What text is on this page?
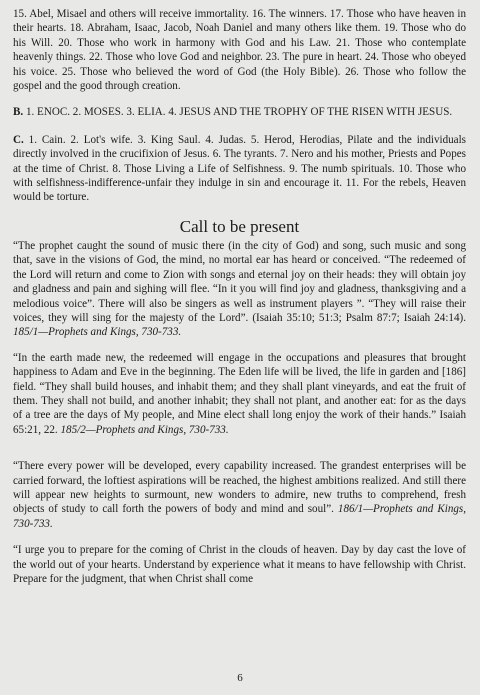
15. Abel, Misael and others will receive immortality. 16. The winners. 17. Those who have heaven in their hearts. 18. Abraham, Isaac, Jacob, Noah Daniel and many others like them. 19. Those who do his Will. 20. Those who work in harmony with God and his Law. 21. Those who contemplate heavenly things. 22. Those who love God and neighbor. 23. The pure in heart. 24. Those who obeyed his voice. 25. Those who believed the word of God (the Holy Bible). 26. Those who follow the gospel and the good through creation.

B. 1. ENOC. 2. MOSES. 3. ELIA. 4. JESUS AND THE TROPHY OF THE RISEN WITH JESUS.

C. 1. Cain. 2. Lot's wife. 3. King Saul. 4. Judas. 5. Herod, Herodias, Pilate and the individuals directly involved in the crucifixion of Jesus. 6. The tyrants. 7. Nero and his mother, Priests and Popes at the time of Christ. 8. Those Living a Life of Selfishness. 9. The numb spirituals. 10. Those who with selfishness-indifference-unfair they indulge in sin and encourage it. 11. For the rebels, Heaven would be torture.

Call to be present

“The prophet caught the sound of music there (in the city of God) and song, such music and song that, save in the visions of God, the mind, no mortal ear has heard or conceived. “The redeemed of the Lord will return and come to Zion with songs and eternal joy on their heads: they will obtain joy and gladness and pain and sighing will flee. “In it you will find joy and gladness, thanksgiving and a melodious voice”. There will also be singers as well as instrument players ”. “They will raise their voices, they will sing for the majesty of the Lord”. (Isaiah 35:10; 51:3; Psalm 87:7; Isaiah 24:14). 185/1—Prophets and Kings, 730-733.

“In the earth made new, the redeemed will engage in the occupations and pleasures that brought happiness to Adam and Eve in the beginning. The Eden life will be lived, the life in garden and [186] field. “They shall build houses, and inhabit them; and they shall plant vineyards, and eat the fruit of them. They shall not build, and another inhabit; they shall not plant, and another eat: for as the days of a tree are the days of My people, and Mine elect shall long enjoy the work of their hands.” Isaiah 65:21, 22. 185/2—Prophets and Kings, 730-733.

“There every power will be developed, every capability increased. The grandest enterprises will be carried forward, the loftiest aspirations will be reached, the highest ambitions realized. And still there will appear new heights to surmount, new wonders to admire, new truths to comprehend, fresh objects of study to call forth the powers of body and mind and soul”. 186/1—Prophets and Kings, 730-733.

“I urge you to prepare for the coming of Christ in the clouds of heaven. Day by day cast the love of the world out of your hearts. Understand by experience what it means to have fellowship with Christ. Prepare for the judgment, that when Christ shall come

6
